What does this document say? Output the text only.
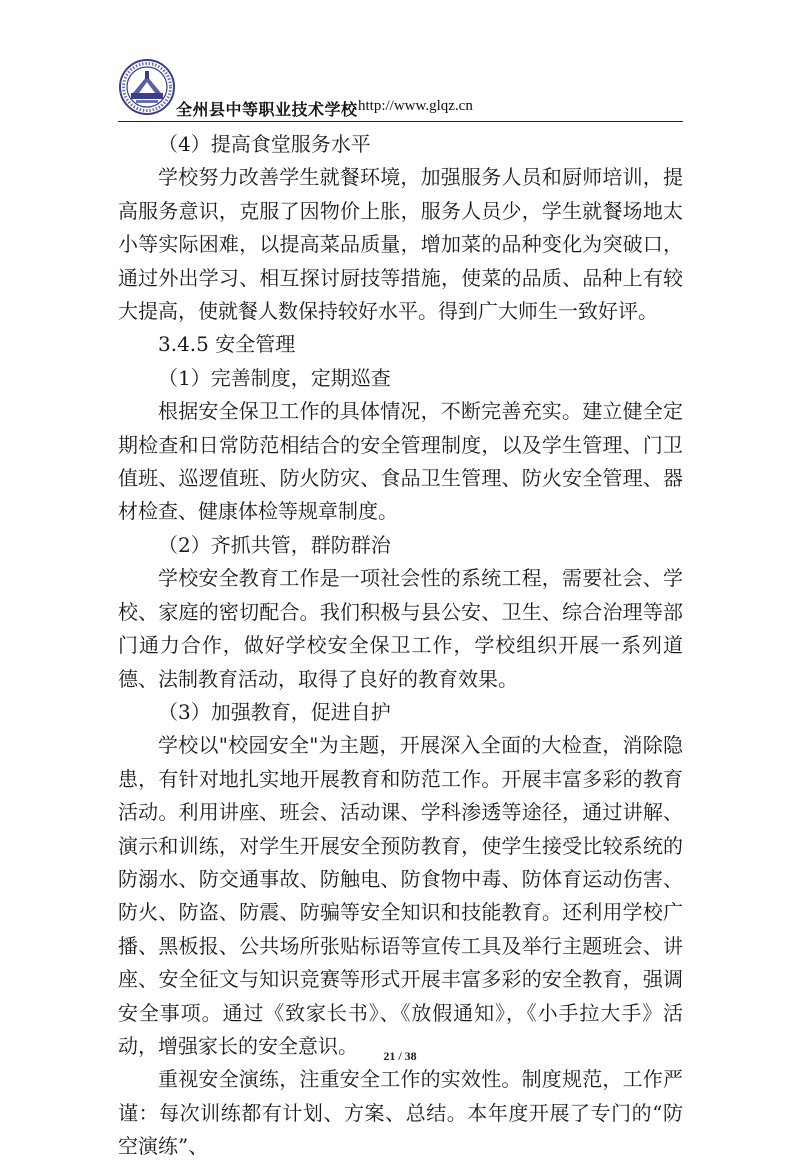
全州县中等职业技术学校 http://www.glqz.cn

（4）提高食堂服务水平

学校努力改善学生就餐环境，加强服务人员和厨师培训，提高服务意识，克服了因物价上胀，服务人员少，学生就餐场地太小等实际困难，以提高菜品质量，增加菜的品种变化为突破口，通过外出学习、相互探讨厨技等措施，使菜的品质、品种上有较大提高，使就餐人数保持较好水平。得到广大师生一致好评。

3.4.5 安全管理

（1）完善制度，定期巡查

根据安全保卫工作的具体情况，不断完善充实。建立健全定期检查和日常防范相结合的安全管理制度，以及学生管理、门卫值班、巡逻值班、防火防灾、食品卫生管理、防火安全管理、器材检查、健康体检等规章制度。

（2）齐抓共管，群防群治

学校安全教育工作是一项社会性的系统工程，需要社会、学校、家庭的密切配合。我们积极与县公安、卫生、综合治理等部门通力合作，做好学校安全保卫工作，学校组织开展一系列道德、法制教育活动，取得了良好的教育效果。

（3）加强教育，促进自护

学校以"校园安全"为主题，开展深入全面的大检查，消除隐患，有针对地扎实地开展教育和防范工作。开展丰富多彩的教育活动。利用讲座、班会、活动课、学科渗透等途径，通过讲解、演示和训练，对学生开展安全预防教育，使学生接受比较系统的防溺水、防交通事故、防触电、防食物中毒、防体育运动伤害、防火、防盗、防震、防骗等安全知识和技能教育。还利用学校广播、黑板报、公共场所张贴标语等宣传工具及举行主题班会、讲座、安全征文与知识竞赛等形式开展丰富多彩的安全教育，强调安全事项。通过《致家长书》、《放假通知》，《小手拉大手》活动，增强家长的安全意识。

重视安全演练，注重安全工作的实效性。制度规范，工作严谨：每次训练都有计划、方案、总结。本年度开展了专门的“防空演练”、

21 / 38
